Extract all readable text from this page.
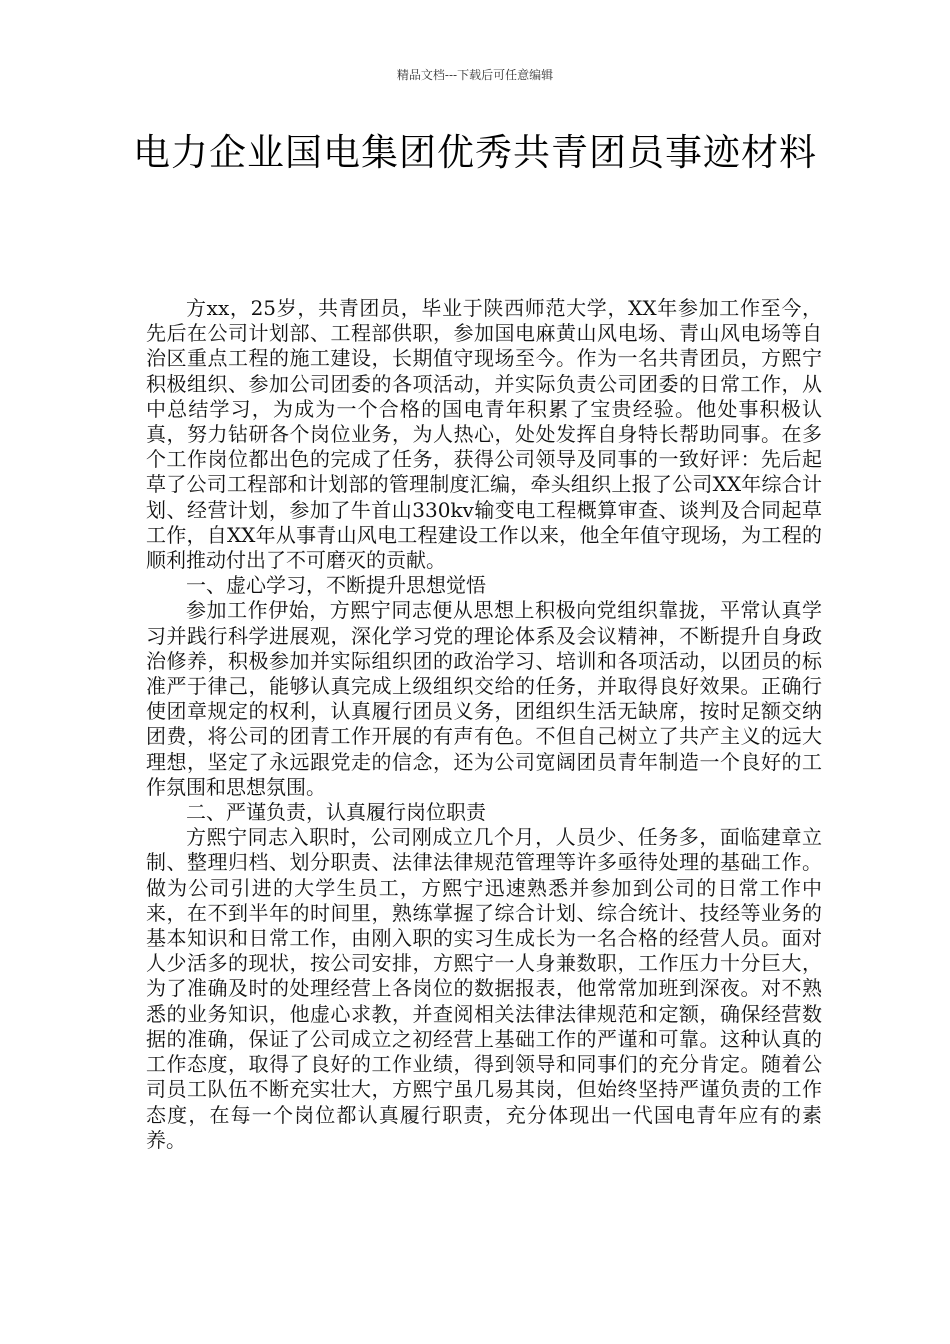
精品文档---下载后可任意编辑
电力企业国电集团优秀共青团员事迹材料

方xx，25岁，共青团员，毕业于陕西师范大学，XX年参加工作至今，先后在公司计划部、工程部供职，参加国电麻黄山风电场、青山风电场等自治区重点工程的施工建设，长期值守现场至今。作为一名共青团员，方熙宁积极组织、参加公司团委的各项活动，并实际负责公司团委的日常工作，从中总结学习，为成为一个合格的国电青年积累了宝贵经验。他处事积极认真，努力钻研各个岗位业务，为人热心，处处发挥自身特长帮助同事。在多个工作岗位都出色的完成了任务，获得公司领导及同事的一致好评：先后起草了公司工程部和计划部的管理制度汇编，牵头组织上报了公司XX年综合计划、经营计划，参加了牛首山330kv输变电工程概算审查、谈判及合同起草工作，自XX年从事青山风电工程建设工作以来，他全年值守现场，为工程的顺利推动付出了不可磨灭的贡献。

一、虚心学习，不断提升思想觉悟

参加工作伊始，方熙宁同志便从思想上积极向党组织靠拢，平常认真学习并践行科学进展观，深化学习党的理论体系及会议精神，不断提升自身政治修养，积极参加并实际组织团的政治学习、培训和各项活动，以团员的标准严于律己，能够认真完成上级组织交给的任务，并取得良好效果。正确行使团章规定的权利，认真履行团员义务，团组织生活无缺席，按时足额交纳团费，将公司的团青工作开展的有声有色。不但自己树立了共产主义的远大理想，坚定了永远跟党走的信念，还为公司宽阔团员青年制造一个良好的工作氛围和思想氛围。

二、严谨负责，认真履行岗位职责

方熙宁同志入职时，公司刚成立几个月，人员少、任务多，面临建章立制、整理归档、划分职责、法律法律规范管理等许多亟待处理的基础工作。做为公司引进的大学生员工，方熙宁迅速熟悉并参加到公司的日常工作中来，在不到半年的时间里，熟练掌握了综合计划、综合统计、技经等业务的基本知识和日常工作，由刚入职的实习生成长为一名合格的经营人员。面对人少活多的现状，按公司安排，方熙宁一人身兼数职，工作压力十分巨大，为了准确及时的处理经营上各岗位的数据报表，他常常加班到深夜。对不熟悉的业务知识，他虚心求教，并查阅相关法律法律规范和定额，确保经营数据的准确，保证了公司成立之初经营上基础工作的严谨和可靠。这种认真的工作态度，取得了良好的工作业绩，得到领导和同事们的充分肯定。随着公司员工队伍不断充实壮大，方熙宁虽几易其岗，但始终坚持严谨负责的工作态度，在每一个岗位都认真履行职责，充分体现出一代国电青年应有的素养。
